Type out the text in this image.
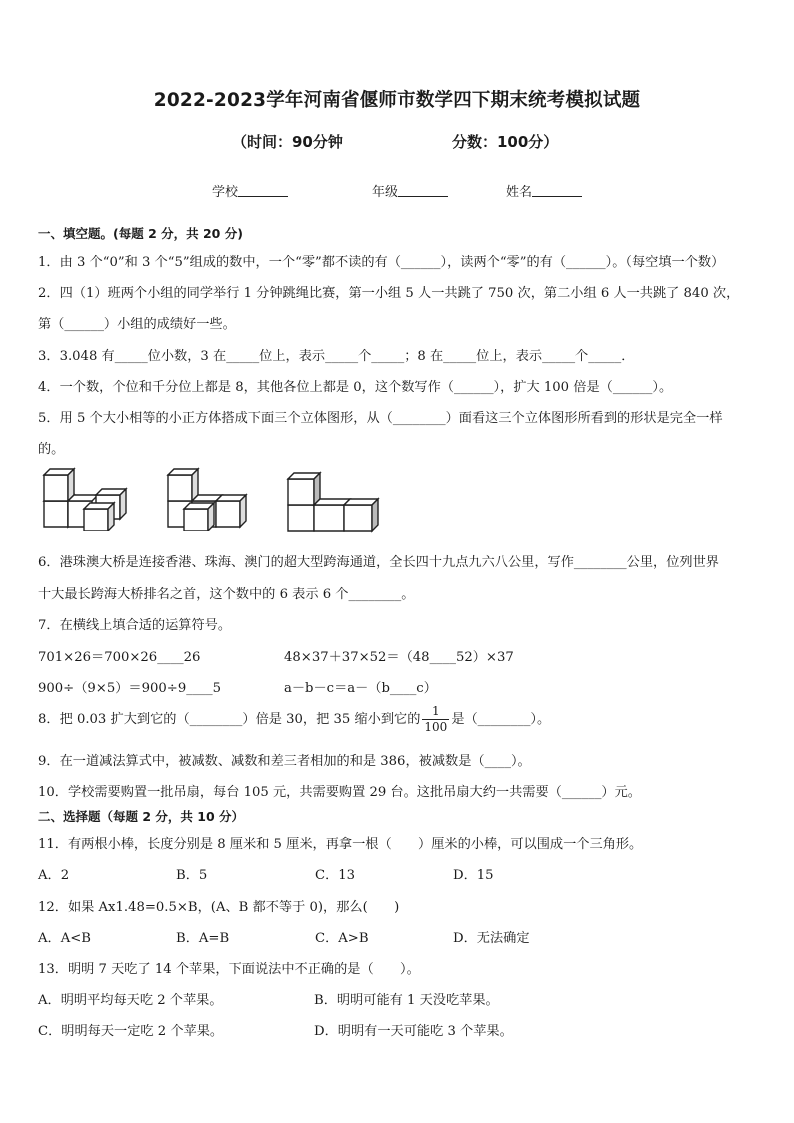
2022-2023学年河南省偃师市数学四下期末统考模拟试题
（时间：90分钟	分数：100分）
学校	年级	姓名
一、填空题。(每题 2 分，共 20 分)
1．由 3 个“0”和 3 个“5”组成的数中，一个“零”都不读的有（______），读两个“零”的有（______）。（每空填一个数）
2．四（1）班两个小组的同学举行 1 分钟跳绳比赛，第一小组 5 人一共跳了 750 次，第二小组 6 人一共跳了 840 次，
第（______）小组的成绩好一些。
3．3.048 有_____位小数，3 在_____位上，表示_____个_____；8 在_____位上，表示_____个_____．
4．一个数，个位和千分位上都是 8，其他各位上都是 0，这个数写作（______），扩大 100 倍是（______）。
5．用 5 个大小相等的小正方体搭成下面三个立体图形，从（________）面看这三个立体图形所看到的形状是完全一样
的。
6．港珠澳大桥是连接香港、珠海、澳门的超大型跨海通道，全长四十九点九六八公里，写作________公里，位列世界
十大最长跨海大桥排名之首，这个数中的 6 表示 6 个________。
7．在横线上填合适的运算符号。
701×26＝700×26____26	48×37＋37×52＝（48____52）×37
900÷（9×5）＝900÷9____5	a－b－c＝a－（b____c）
8．把 0.03 扩大到它的（________）倍是 30，把 35 缩小到它的 $\frac{1}{100}$ 是（________）。
9．在一道减法算式中，被减数、减数和差三者相加的和是 386，被减数是（____）。
10．学校需要购置一批吊扇，每台 105 元，共需要购置 29 台。这批吊扇大约一共需要（______）元。
二、选择题（每题 2 分，共 10 分）
11．有两根小棒，长度分别是 8 厘米和 5 厘米，再拿一根（　　）厘米的小棒，可以围成一个三角形。
A．2	B．5	C．13	D．15
12．如果 Ax1.48=0.5×B，(A、B 都不等于 0)，那么(　　)
A．A<B	B．A=B	C．A>B	D．无法确定
13．明明 7 天吃了 14 个苹果，下面说法中不正确的是（　　）。
A．明明平均每天吃 2 个苹果。	B．明明可能有 1 天没吃苹果。
C．明明每天一定吃 2 个苹果。	D．明明有一天可能吃 3 个苹果。
